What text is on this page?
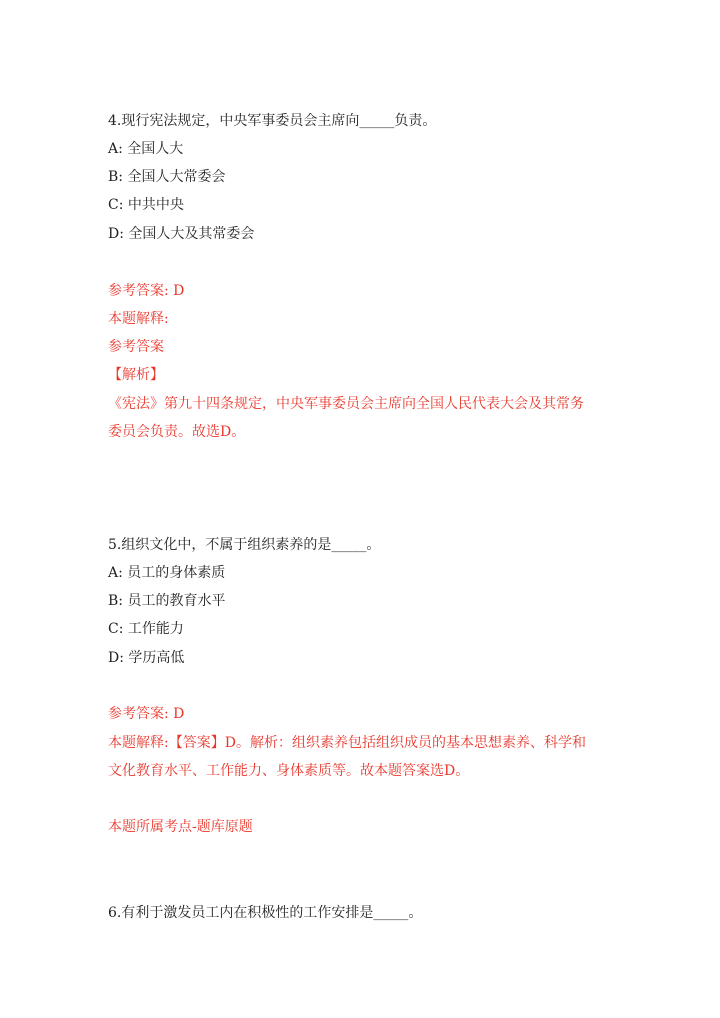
4.现行宪法规定，中央军事委员会主席向_____负责。
A: 全国人大
B: 全国人大常委会
C: 中共中央
D: 全国人大及其常委会
参考答案: D
本题解释:
参考答案
【解析】
《宪法》第九十四条规定，中央军事委员会主席向全国人民代表大会及其常务
委员会负责。故选D。
5.组织文化中，不属于组织素养的是_____。
A: 员工的身体素质
B: 员工的教育水平
C: 工作能力
D: 学历高低
参考答案: D
本题解释:【答案】D。解析：组织素养包括组织成员的基本思想素养、科学和
文化教育水平、工作能力、身体素质等。故本题答案选D。
本题所属考点-题库原题
6.有利于激发员工内在积极性的工作安排是_____。
